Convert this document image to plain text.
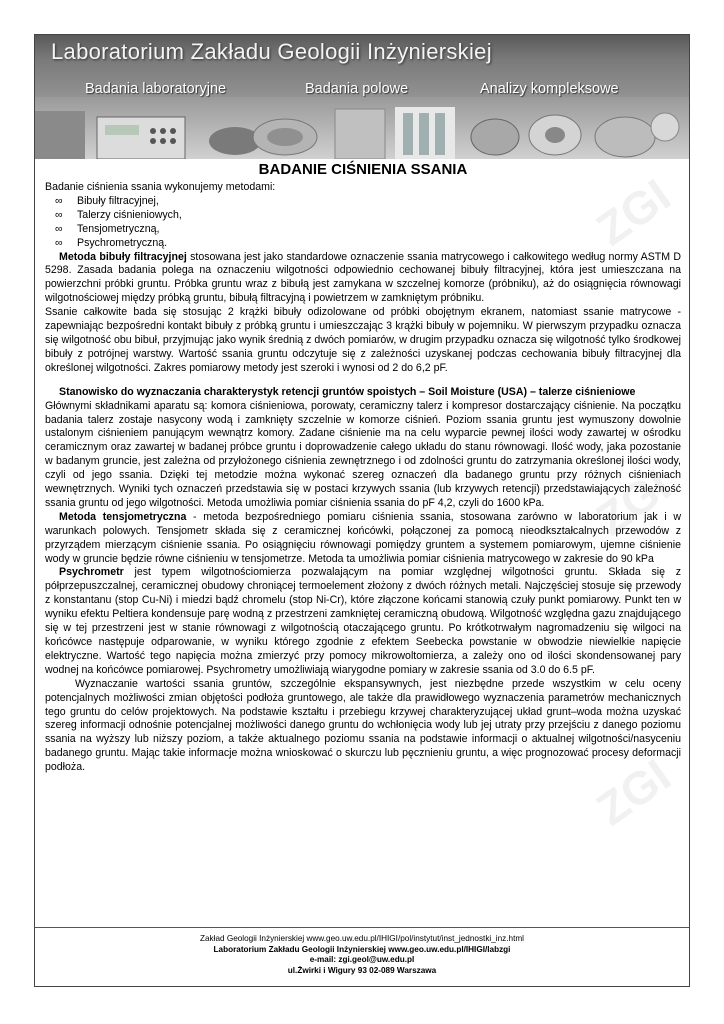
Laboratorium Zakładu Geologii Inżynierskiej
Badania laboratoryjne	Badania polowe	Analizy kompleksowe
ZGI
ZGI
ZGI
BADANIE CIŚNIENIA SSANIA

Badanie ciśnienia ssania wykonujemy metodami:

∞ Bibuły filtracyjnej,
∞ Talerzy ciśnieniowych,
∞ Tensjometryczną,
∞ Psychrometryczną.

Metoda bibuły filtracyjnej stosowana jest jako standardowe oznaczenie ssania matrycowego i całkowitego według normy ASTM D 5298. Zasada badania polega na oznaczeniu wilgotności odpowiednio cechowanej bibuły filtracyjnej, która jest umieszczana na powierzchni próbki gruntu. Próbka gruntu wraz z bibułą jest zamykana w szczelnej komorze (próbniku), aż do osiągnięcia równowagi wilgotnościowej między próbką gruntu, bibułą filtracyjną i powietrzem w zamkniętym próbniku.

Ssanie całkowite bada się stosując 2 krążki bibuły odizolowane od próbki obojętnym ekranem, natomiast ssanie matrycowe - zapewniając bezpośredni kontakt bibuły z próbką gruntu i umieszczając 3 krążki bibuły w pojemniku. W pierwszym przypadku oznacza się wilgotność obu bibuł, przyjmując jako wynik średnią z dwóch pomiarów, w drugim przypadku oznacza się wilgotność tylko środkowej bibuły z potrójnej warstwy. Wartość ssania gruntu odczytuje się z zależności uzyskanej podczas cechowania bibuły filtracyjnej dla określonej wilgotności. Zakres pomiarowy metody jest szeroki i wynosi od 2 do 6,2 pF.

Stanowisko do wyznaczania charakterystyk retencji gruntów spoistych – Soil Moisture (USA) – talerze ciśnieniowe

Głównymi składnikami aparatu są: komora ciśnieniowa, porowaty, ceramiczny talerz i kompresor dostarczający ciśnienie. Na początku badania talerz zostaje nasycony wodą i zamknięty szczelnie w komorze ciśnień. Poziom ssania gruntu jest wymuszony dowolnie ustalonym ciśnieniem panującym wewnątrz komory. Zadane ciśnienie ma na celu wyparcie pewnej ilości wody zawartej w ośrodku ceramicznym oraz zawartej w badanej próbce gruntu i doprowadzenie całego układu do stanu równowagi. Ilość wody, jaka pozostanie w badanym gruncie, jest zależna od przyłożonego ciśnienia zewnętrznego i od zdolności gruntu do zatrzymania określonej ilości wody, czyli od jego ssania. Dzięki tej metodzie można wykonać szereg oznaczeń dla badanego gruntu przy różnych ciśnieniach wewnętrznych. Wyniki tych oznaczeń przedstawia się w postaci krzywych ssania (lub krzywych retencji) przedstawiających zależność ssania gruntu od jego wilgotności. Metoda umożliwia pomiar ciśnienia ssania do pF 4,2, czyli do 1600 kPa.

Metoda tensjometryczna - metoda bezpośredniego pomiaru ciśnienia ssania, stosowana zarówno w laboratorium jak i w warunkach polowych. Tensjometr składa się z ceramicznej końcówki, połączonej za pomocą nieodkształcalnych przewodów z przyrządem mierzącym ciśnienie ssania. Po osiągnięciu równowagi pomiędzy gruntem a systemem pomiarowym, ujemne ciśnienie wody w gruncie będzie równe ciśnieniu w tensjometrze. Metoda ta umożliwia pomiar ciśnienia matrycowego w zakresie do 90 kPa

Psychrometr jest typem wilgotnościomierza pozwalającym na pomiar względnej wilgotności gruntu. Składa się z półprzepuszczalnej, ceramicznej obudowy chroniącej termoelement złożony z dwóch różnych metali. Najczęściej stosuje się przewody z konstantanu (stop Cu-Ni) i miedzi bądź chromelu (stop Ni-Cr), które złączone końcami stanowią czuły punkt pomiarowy. Punkt ten w wyniku efektu Peltiera kondensuje parę wodną z przestrzeni zamkniętej ceramiczną obudową. Wilgotność względna gazu znajdującego się w tej przestrzeni jest w stanie równowagi z wilgotnością otaczającego gruntu. Po krótkotrwałym nagromadzeniu się wilgoci na końcówce następuje odparowanie, w wyniku którego zgodnie z efektem Seebecka powstanie w obwodzie niewielkie napięcie elektryczne. Wartość tego napięcia można zmierzyć przy pomocy mikrowoltomierza, a zależy ono od ilości skondensowanej pary wodnej na końcówce pomiarowej. Psychrometry umożliwiają wiarygodne pomiary w zakresie ssania od 3.0 do 6.5 pF.

Wyznaczanie wartości ssania gruntów, szczególnie ekspansywnych, jest niezbędne przede wszystkim w celu oceny potencjalnych możliwości zmian objętości podłoża gruntowego, ale także dla prawidłowego wyznaczenia parametrów mechanicznych tego gruntu do celów projektowych. Na podstawie kształtu i przebiegu krzywej charakteryzującej układ grunt–woda można uzyskać szereg informacji odnośnie potencjalnej możliwości danego gruntu do wchłonięcia wody lub jej utraty przy przejściu z danego poziomu ssania na wyższy lub niższy poziom, a także aktualnego poziomu ssania na podstawie informacji o aktualnej wilgotności/nasyceniu badanego gruntu. Mając takie informacje można wnioskować o skurczu lub pęcznieniu gruntu, a więc prognozować procesy deformacji podłoża.

Zakład Geologii Inżynierskiej www.geo.uw.edu.pl/IHIGI/pol/instytut/inst_jednostki_inz.html
Laboratorium Zakładu Geologii Inżynierskiej www.geo.uw.edu.pl/IHIGI/labzgi
e-mail: zgi.geol@uw.edu.pl
ul.Żwirki i Wigury 93 02-089 Warszawa
